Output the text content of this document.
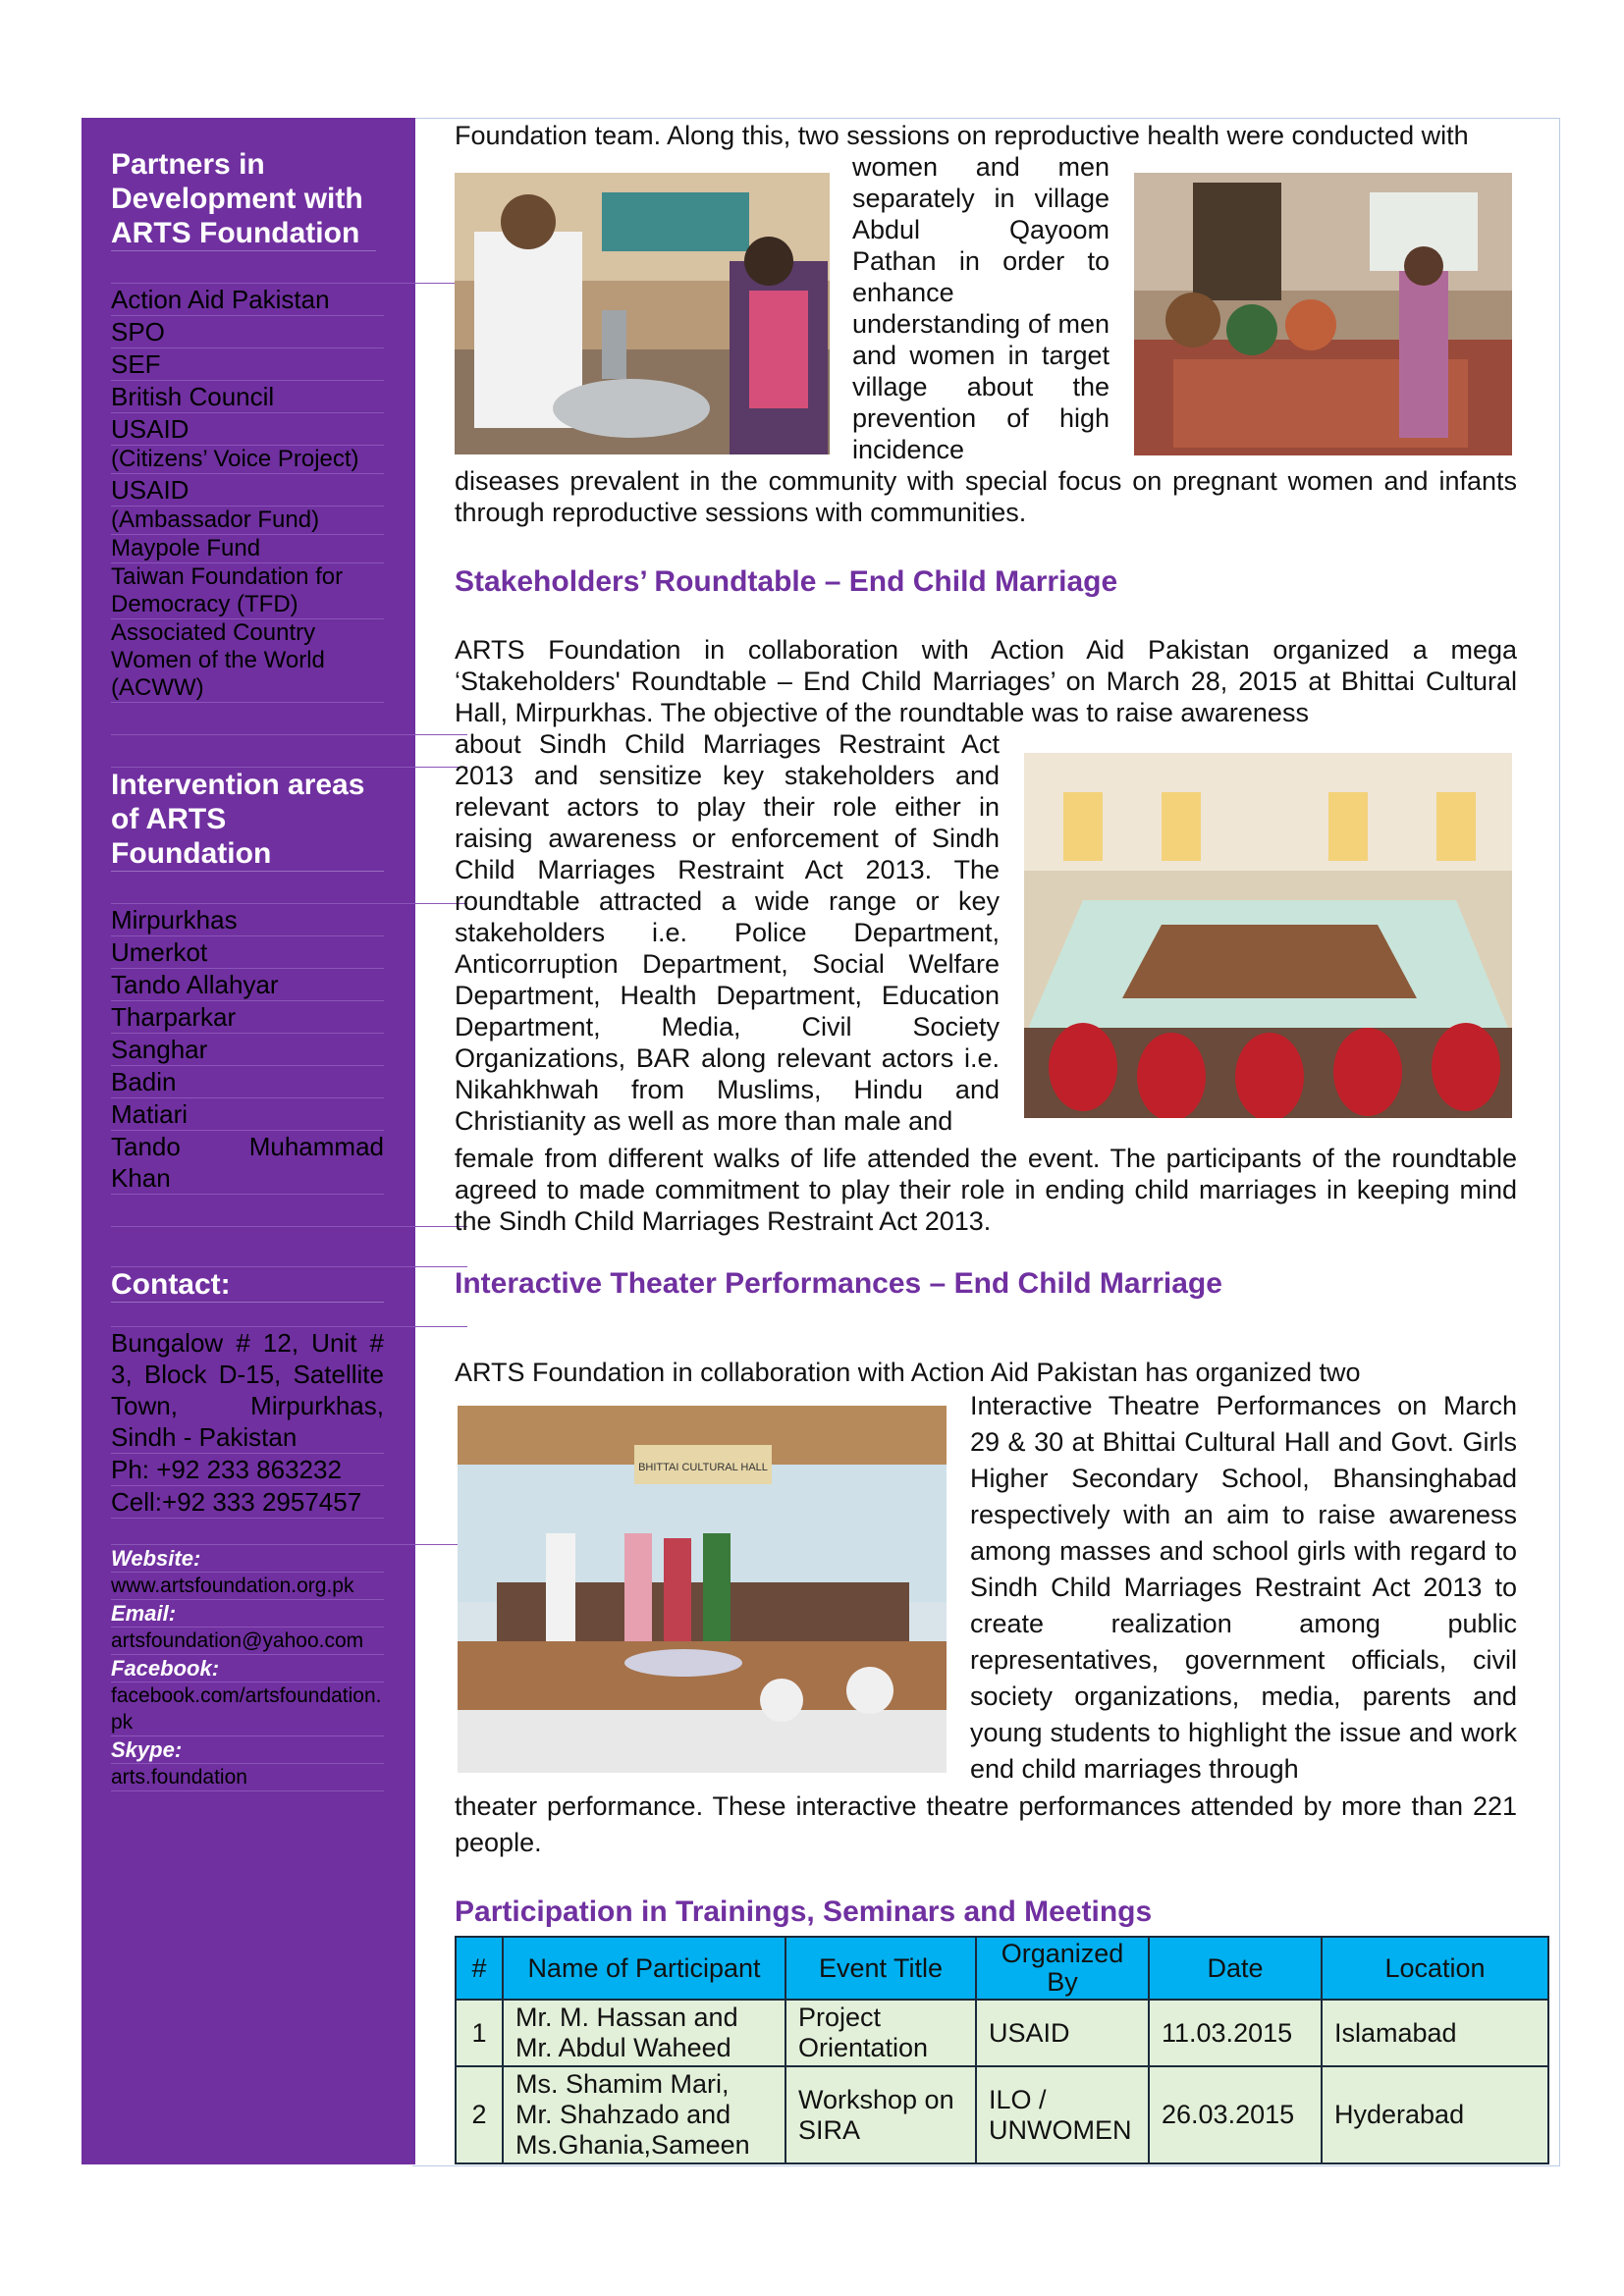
Partners in Development with ARTS Foundation
Action Aid Pakistan
SPO
SEF
British Council
USAID
(Citizens’ Voice Project)
USAID
(Ambassador Fund)
Maypole Fund
Taiwan Foundation for Democracy (TFD)
Associated Country Women of the World (ACWW)
Intervention areas of ARTS Foundation
Mirpurkhas
Umerkot
Tando Allahyar
Tharparkar
Sanghar
Badin
Matiari
Tando Muhammad Khan
Contact:
Bungalow # 12, Unit # 3, Block D-15, Satellite Town, Mirpurkhas, Sindh - Pakistan
Ph: +92 233 863232
Cell:+92 333 2957457
Website:
www.artsfoundation.org.pk
Email:
artsfoundation@yahoo.com
Facebook:
facebook.com/artsfoundation.pk
Skype:
arts.foundation

Foundation team. Along this, two sessions on reproductive health were conducted with

women and men separately in village Abdul Qayoom Pathan in order to enhance understanding of men and women in target village about the prevention of high incidence

diseases prevalent in the community with special focus on pregnant women and infants through reproductive sessions with communities.

Stakeholders’ Roundtable – End Child Marriage

ARTS Foundation in collaboration with Action Aid Pakistan organized a mega ‘Stakeholders' Roundtable – End Child Marriages’ on March 28, 2015 at Bhittai Cultural Hall, Mirpurkhas. The objective of the roundtable was to raise awareness

about Sindh Child Marriages Restraint Act 2013 and sensitize key stakeholders and relevant actors to play their role either in raising awareness or enforcement of Sindh Child Marriages Restraint Act 2013. The roundtable attracted a wide range or key stakeholders i.e. Police Department, Anticorruption Department, Social Welfare Department, Health Department, Education Department, Media, Civil Society Organizations, BAR along relevant actors i.e. Nikahkhwah from Muslims, Hindu and Christianity as well as more than male and

female from different walks of life attended the event. The participants of the roundtable agreed to made commitment to play their role in ending child marriages in keeping mind the Sindh Child Marriages Restraint Act 2013.

Interactive Theater Performances – End Child Marriage

ARTS Foundation in collaboration with Action Aid Pakistan has organized two

BHITTAI CULTURAL HALL

Interactive Theatre Performances on March 29 & 30 at Bhittai Cultural Hall and Govt. Girls Higher Secondary School, Bhansinghabad respectively with an aim to raise awareness among masses and school girls with regard to Sindh Child Marriages Restraint Act 2013 to create realization among public representatives, government officials, civil society organizations, media, parents and young students to highlight the issue and work end child marriages through

theater performance. These interactive theatre performances attended by more than 221 people.

Participation in Trainings, Seminars and Meetings
#	Name of Participant	Event Title	Organized By	Date	Location
1	Mr. M. Hassan and Mr. Abdul Waheed	Project Orientation	USAID	11.03.2015	Islamabad
2	Ms. Shamim Mari, Mr. Shahzado and Ms.Ghania,Sameen	Workshop on SIRA	ILO / UNWOMEN	26.03.2015	Hyderabad
